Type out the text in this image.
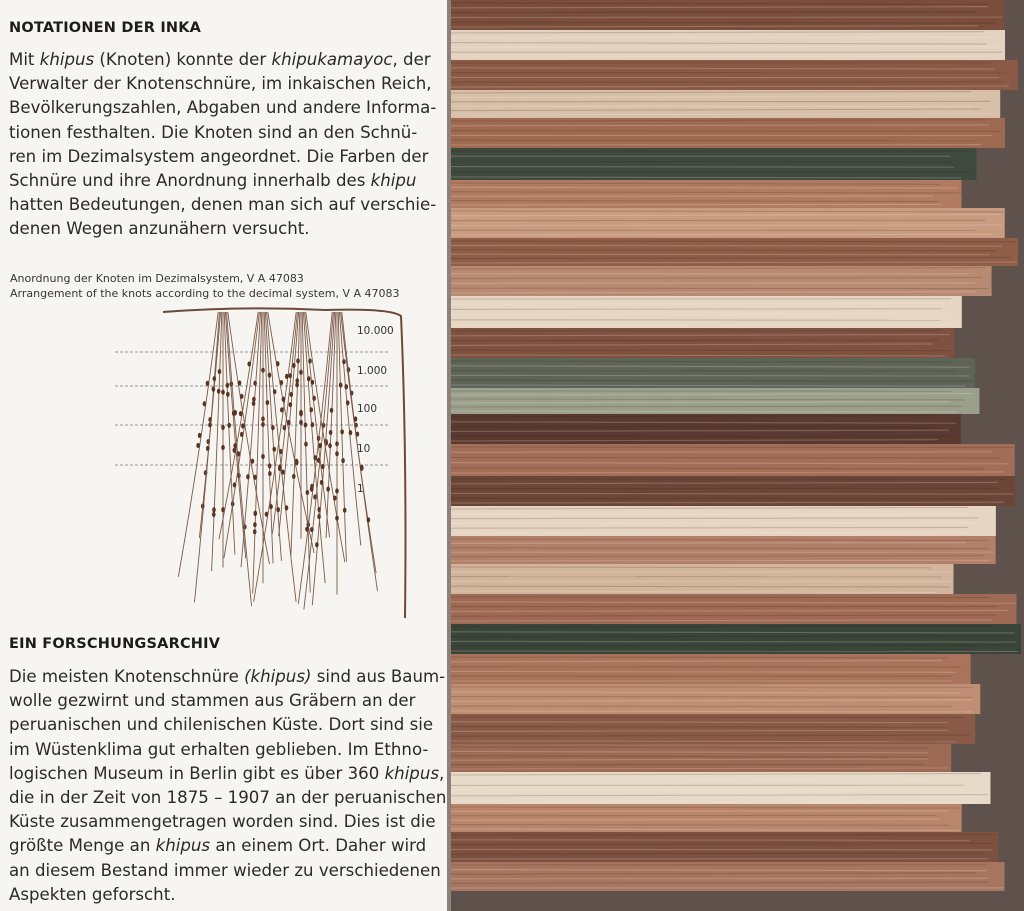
NOTATIONEN DER INKA

Mit khipus (Knoten) konnte der khipukamayoc, der

Verwalter der Knotenschnüre, im inkaischen Reich,

Bevölkerungszahlen, Abgaben und andere Informa-

tionen festhalten. Die Knoten sind an den Schnü-

ren im Dezimalsystem angeordnet. Die Farben der

Schnüre und ihre Anordnung innerhalb des khipu

hatten Bedeutungen, denen man sich auf verschie-

denen Wegen anzunähern versucht.

Anordnung der Knoten im Dezimalsystem, V A 47083
Arrangement of the knots according to the decimal system, V A 47083
10.000
1.000
100
10
1
EIN FORSCHUNGSARCHIV

Die meisten Knotenschnüre (khipus) sind aus Baum-

wolle gezwirnt und stammen aus Gräbern an der

peruanischen und chilenischen Küste. Dort sind sie

im Wüstenklima gut erhalten geblieben. Im Ethno-

logischen Museum in Berlin gibt es über 360 khipus,

die in der Zeit von 1875 – 1907 an der peruanischen

Küste zusammengetragen worden sind. Dies ist die

größte Menge an khipus an einem Ort. Daher wird

an diesem Bestand immer wieder zu verschiedenen

Aspekten geforscht.
